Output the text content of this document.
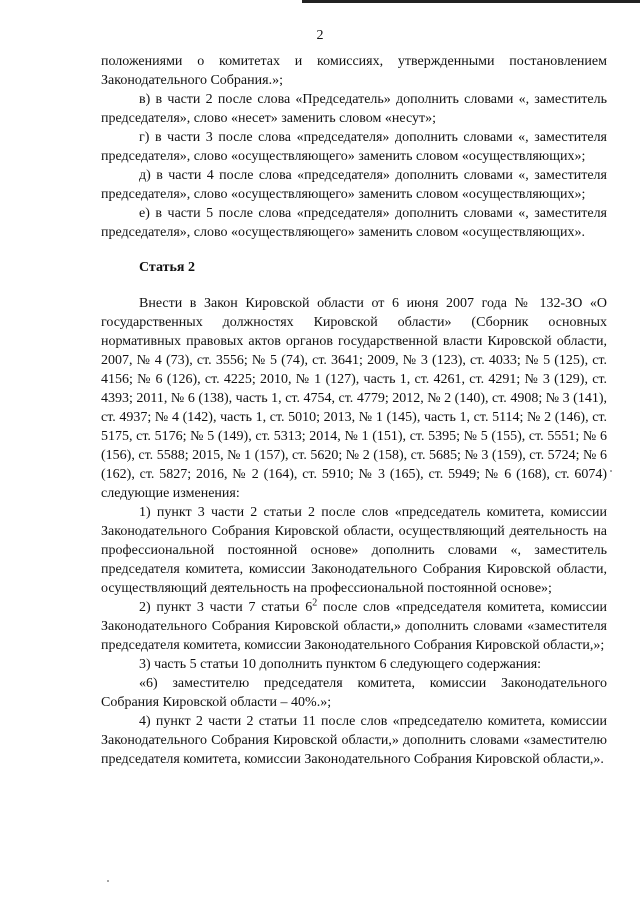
2

положениями о комитетах и комиссиях, утвержденными постановлением Законодательного Собрания.»;

в) в части 2 после слова «Председатель» дополнить словами «, заместитель председателя», слово «несет» заменить словом «несут»;

г) в части 3 после слова «председателя» дополнить словами «, заместителя председателя», слово «осуществляющего» заменить словом «осуществляющих»;

д) в части 4 после слова «председателя» дополнить словами «, заместителя председателя», слово «осуществляющего» заменить словом «осуществляющих»;

е) в части 5 после слова «председателя» дополнить словами «, заместителя председателя», слово «осуществляющего» заменить словом «осуществляющих».

Статья 2

Внести в Закон Кировской области от 6 июня 2007 года № 132-ЗО «О государственных должностях Кировской области» (Сборник основных нормативных правовых актов органов государственной власти Кировской области, 2007, № 4 (73), ст. 3556; № 5 (74), ст. 3641; 2009, № 3 (123), ст. 4033; № 5 (125), ст. 4156; № 6 (126), ст. 4225; 2010, № 1 (127), часть 1, ст. 4261, ст. 4291; № 3 (129), ст. 4393; 2011, № 6 (138), часть 1, ст. 4754, ст. 4779; 2012, № 2 (140), ст. 4908; № 3 (141), ст. 4937; № 4 (142), часть 1, ст. 5010; 2013, № 1 (145), часть 1, ст. 5114; № 2 (146), ст. 5175, ст. 5176; № 5 (149), ст. 5313; 2014, № 1 (151), ст. 5395; № 5 (155), ст. 5551; № 6 (156), ст. 5588; 2015, № 1 (157), ст. 5620; № 2 (158), ст. 5685; № 3 (159), ст. 5724; № 6 (162), ст. 5827; 2016, № 2 (164), ст. 5910; № 3 (165), ст. 5949; № 6 (168), ст. 6074) следующие изменения:

1) пункт 3 части 2 статьи 2 после слов «председатель комитета, комиссии Законодательного Собрания Кировской области, осуществляющий деятельность на профессиональной постоянной основе» дополнить словами «, заместитель председателя комитета, комиссии Законодательного Собрания Кировской области, осуществляющий деятельность на профессиональной постоянной основе»;

2) пункт 3 части 7 статьи $6^2$ после слов «председателя комитета, комиссии Законодательного Собрания Кировской области,» дополнить словами «заместителя председателя комитета, комиссии Законодательного Собрания Кировской области,»;

3) часть 5 статьи 10 дополнить пунктом 6 следующего содержания:

«6) заместителю председателя комитета, комиссии Законодательного Собрания Кировской области – 40%.»;

4) пункт 2 части 2 статьи 11 после слов «председателю комитета, комиссии Законодательного Собрания Кировской области,» дополнить словами «заместителю председателя комитета, комиссии Законодательного Собрания Кировской области,».
